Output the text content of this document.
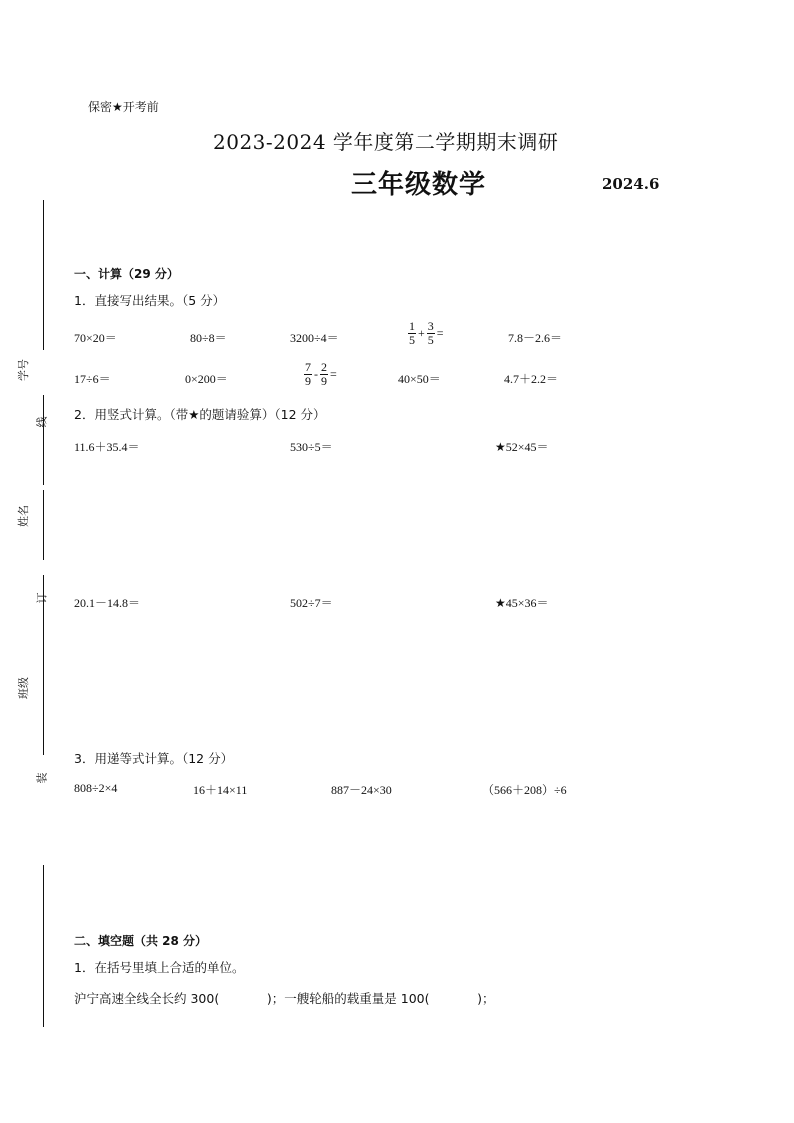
学号
姓名
班级
线
订
装
保密★开考前
2023-2024 学年度第二学期期末调研
三年级数学	2024.6
一、计算（29 分）
1．直接写出结果。（5 分）
70×20＝	80÷8＝	3200÷4＝	$\frac{1}{5} + \frac{3}{5}$ =	7.8－2.6＝
17÷6＝	0×200＝	$\frac{7}{9} - \frac{2}{9}$ =	40×50＝	4.7＋2.2＝
2．用竖式计算。（带★的题请验算）（12 分）
11.6＋35.4＝	530÷5＝	★52×45＝
20.1－14.8＝	502÷7＝	★45×36＝
3．用递等式计算。（12 分）
808÷2×4	16＋14×11	887－24×30	（566＋208）÷6
二、填空题（共 28 分）
1．在括号里填上合适的单位。
沪宁高速全线全长约 300(            )；一艘轮船的载重量是 100(            )；
